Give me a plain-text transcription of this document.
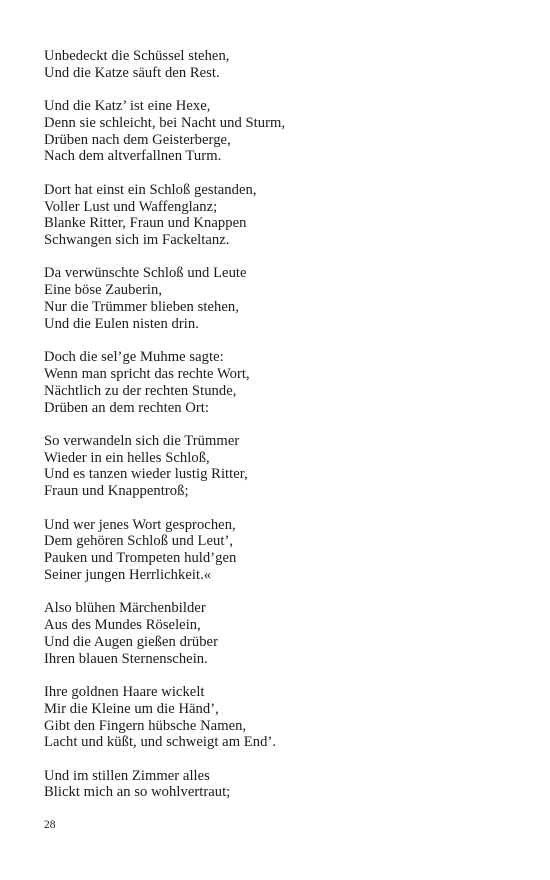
Unbedeckt die Schüssel stehen,
Und die Katze säuft den Rest.
Und die Katz’ ist eine Hexe,
Denn sie schleicht, bei Nacht und Sturm,
Drüben nach dem Geisterberge,
Nach dem altverfallnen Turm.
Dort hat einst ein Schloß gestanden,
Voller Lust und Waffenglanz;
Blanke Ritter, Fraun und Knappen
Schwangen sich im Fackeltanz.
Da verwünschte Schloß und Leute
Eine böse Zauberin,
Nur die Trümmer blieben stehen,
Und die Eulen nisten drin.
Doch die sel’ge Muhme sagte:
Wenn man spricht das rechte Wort,
Nächtlich zu der rechten Stunde,
Drüben an dem rechten Ort:
So verwandeln sich die Trümmer
Wieder in ein helles Schloß,
Und es tanzen wieder lustig Ritter,
Fraun und Knappentroß;
Und wer jenes Wort gesprochen,
Dem gehören Schloß und Leut’,
Pauken und Trompeten huld’gen
Seiner jungen Herrlichkeit.«
Also blühen Märchenbilder
Aus des Mundes Röselein,
Und die Augen gießen drüber
Ihren blauen Sternenschein.
Ihre goldnen Haare wickelt
Mir die Kleine um die Händ’,
Gibt den Fingern hübsche Namen,
Lacht und küßt, und schweigt am End’.
Und im stillen Zimmer alles
Blickt mich an so wohlvertraut;
28
